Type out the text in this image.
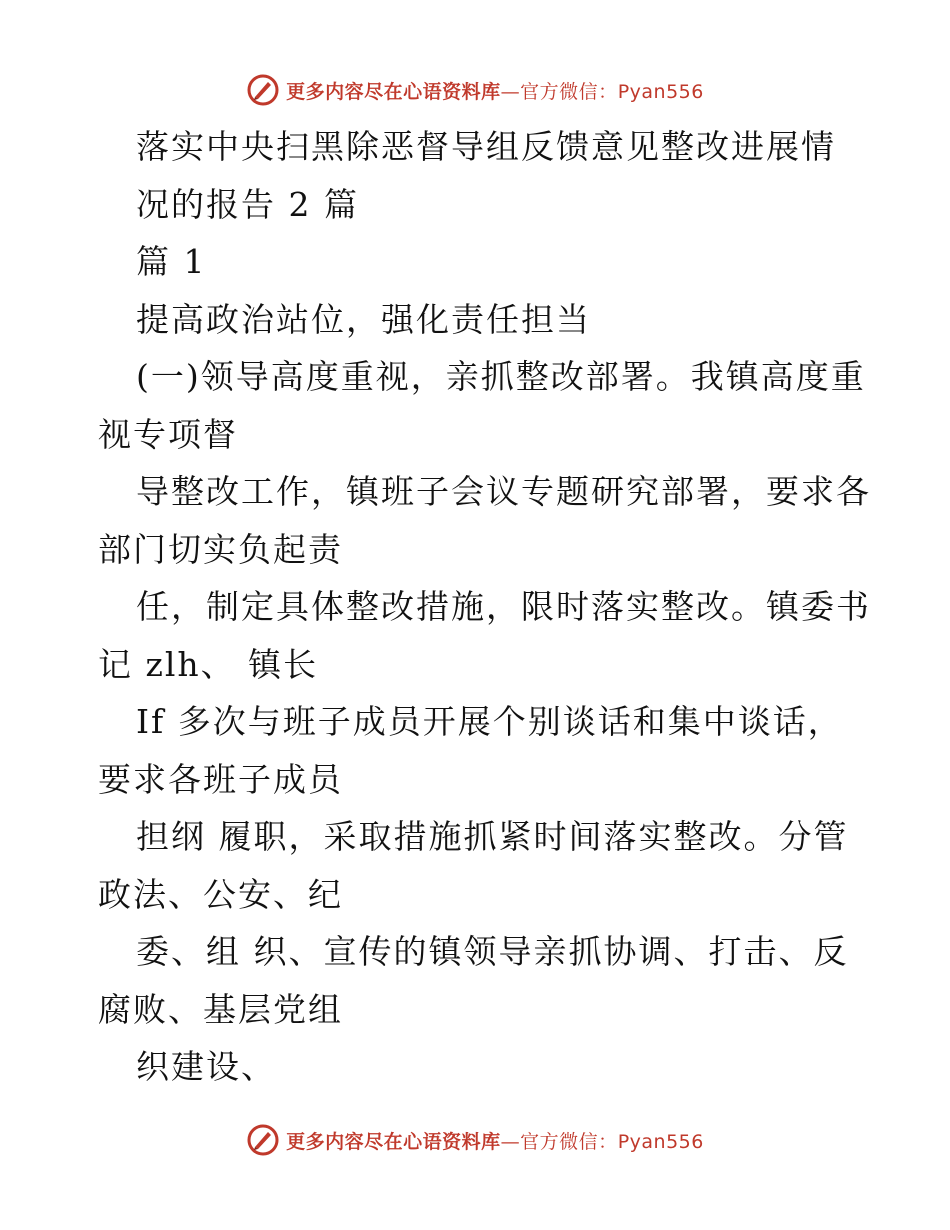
更多内容尽在心语资料库—官方微信：Pyan556
落实中央扫黑除恶督导组反馈意见整改进展情
况的报告 2 篇
篇 1
提高政治站位，强化责任担当
(一)领导高度重视，亲抓整改部署。我镇高度重
视专项督
导整改工作，镇班子会议专题研究部署，要求各
部门切实负起责
任，制定具体整改措施，限时落实整改。镇委书
记 zlh、 镇长
If 多次与班子成员开展个别谈话和集中谈话，
要求各班子成员
担纲 履职，采取措施抓紧时间落实整改。分管
政法、公安、纪
委、组 织、宣传的镇领导亲抓协调、打击、反
腐败、基层党组
织建设、
更多内容尽在心语资料库—官方微信：Pyan556
